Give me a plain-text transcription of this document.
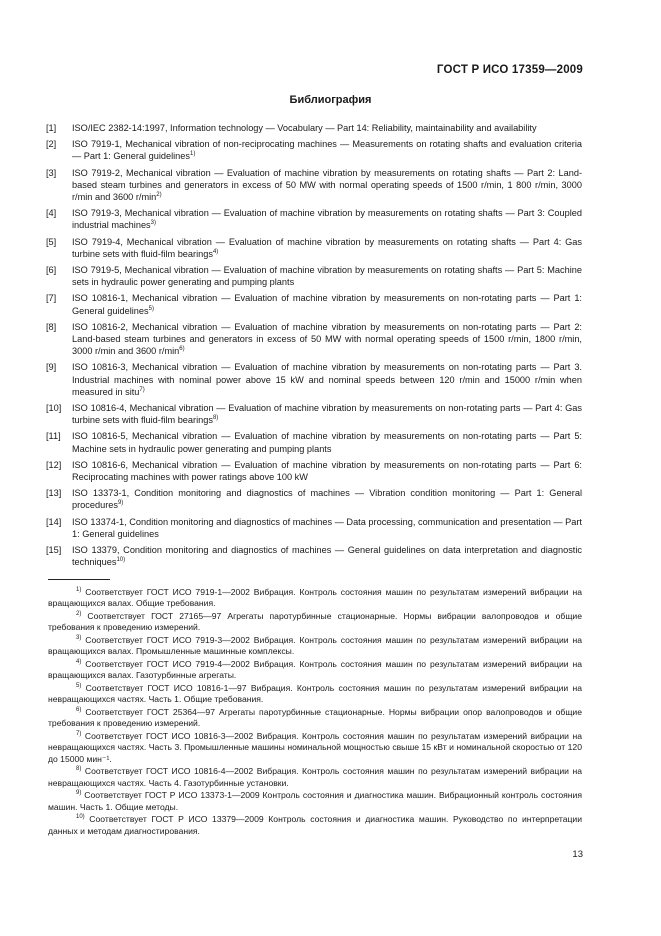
ГОСТ Р ИСО 17359—2009
Библиография
[1]	ISO/IEC 2382-14:1997, Information technology — Vocabulary — Part 14: Reliability, maintainability and availability
[2]	ISO 7919-1, Mechanical vibration of non-reciprocating machines — Measurements on rotating shafts and evaluation criteria — Part 1: General guidelines$^{1)}$
[3]	ISO 7919-2, Mechanical vibration — Evaluation of machine vibration by measurements on rotating shafts — Part 2: Land-based steam turbines and generators in excess of 50 MW with normal operating speeds of 1500 r/min, 1 800 r/min, 3000 r/min and 3600 $r/\min^{2)}$
[4]	ISO 7919-3, Mechanical vibration — Evaluation of machine vibration by measurements on rotating shafts — Part 3: Coupled industrial machines$^{3)}$
[5]	ISO 7919-4, Mechanical vibration — Evaluation of machine vibration by measurements on rotating shafts — Part 4: Gas turbine sets with fluid-film bearings$^{4)}$
[6]	ISO 7919-5, Mechanical vibration — Evaluation of machine vibration by measurements on rotating shafts — Part 5: Machine sets in hydraulic power generating and pumping plants
[7]	ISO 10816-1, Mechanical vibration — Evaluation of machine vibration by measurements on non-rotating parts — Part 1: General guidelines$^{5)}$
[8]	ISO 10816-2, Mechanical vibration — Evaluation of machine vibration by measurements on non-rotating parts — Part 2: Land-based steam turbines and generators in excess of 50 MW with normal operating speeds of 1500 r/min, 1800 r/min, 3000 r/min and 3600 $r/\min^{6)}$
[9]	ISO 10816-3, Mechanical vibration — Evaluation of machine vibration by measurements on non-rotating parts — Part 3. Industrial machines with nominal power above 15 kW and nominal speeds between 120 r/min and 15000 r/min when measured in situ$^{7)}$
[10]	ISO 10816-4, Mechanical vibration — Evaluation of machine vibration by measurements on non-rotating parts — Part 4: Gas turbine sets with fluid-film bearings$^{8)}$
[11]	ISO 10816-5, Mechanical vibration — Evaluation of machine vibration by measurements on non-rotating parts — Part 5: Machine sets in hydraulic power generating and pumping plants
[12]	ISO 10816-6, Mechanical vibration — Evaluation of machine vibration by measurements on non-rotating parts — Part 6: Reciprocating machines with power ratings above 100 kW
[13]	ISO 13373-1, Condition monitoring and diagnostics of machines — Vibration condition monitoring — Part 1: General procedures$^{9)}$
[14]	ISO 13374-1, Condition monitoring and diagnostics of machines — Data processing, communication and presentation — Part 1: General guidelines
[15]	ISO 13379, Condition monitoring and diagnostics of machines — General guidelines on data interpretation and diagnostic techniques$^{10)}$
$^{1)}$ Соответствует ГОСТ ИСО 7919-1—2002 Вибрация. Контроль состояния машин по результатам измерений вибрации на вращающихся валах. Общие требования.
$^{2)}$ Соответствует ГОСТ 27165—97 Агрегаты паротурбинные стационарные. Нормы вибрации валопроводов и общие требования к проведению измерений.
$^{3)}$ Соответствует ГОСТ ИСО 7919-3—2002 Вибрация. Контроль состояния машин по результатам измерений вибрации на вращающихся валах. Промышленные машинные комплексы.
$^{4)}$ Соответствует ГОСТ ИСО 7919-4—2002 Вибрация. Контроль состояния машин по результатам измерений вибрации на вращающихся валах. Газотурбинные агрегаты.
$^{5)}$ Соответствует ГОСТ ИСО 10816-1—97 Вибрация. Контроль состояния машин по результатам измерений вибрации на невращающихся частях. Часть 1. Общие требования.
$^{6)}$ Соответствует ГОСТ 25364—97 Агрегаты паротурбинные стационарные. Нормы вибрации опор валопроводов и общие требования к проведению измерений.
$^{7)}$ Соответствует ГОСТ ИСО 10816-3—2002 Вибрация. Контроль состояния машин по результатам измерений вибрации на невращающихся частях. Часть 3. Промышленные машины номинальной мощностью свыше 15 кВт и номинальной скоростью от 120 до 15000 мин⁻¹.
$^{8)}$ Соответствует ГОСТ ИСО 10816-4—2002 Вибрация. Контроль состояния машин по результатам измерений вибрации на невращающихся частях. Часть 4. Газотурбинные установки.
$^{9)}$ Соответствует ГОСТ Р ИСО 13373-1—2009 Контроль состояния и диагностика машин. Вибрационный контроль состояния машин. Часть 1. Общие методы.
$^{10)}$ Соответствует ГОСТ Р ИСО 13379—2009 Контроль состояния и диагностика машин. Руководство по интерпретации данных и методам диагностирования.
13
